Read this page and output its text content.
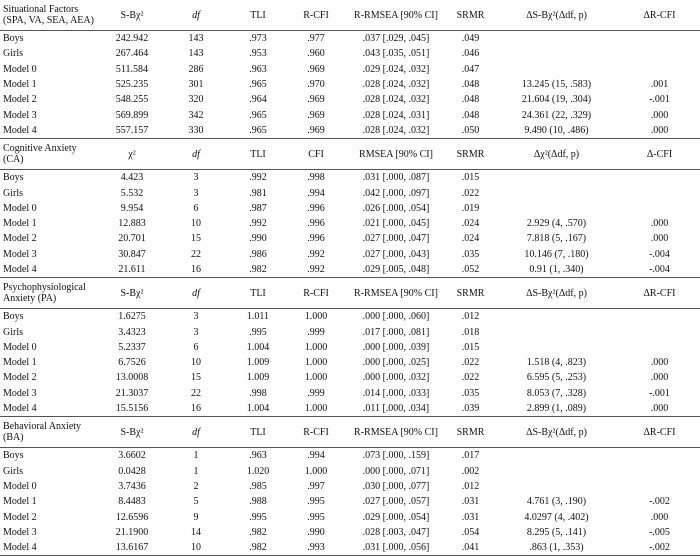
Situational Factors (SPA, VA, SEA, AEA)	S-Bχ²	df	TLI	R-CFI	R-RMSEA [90% CI]	SRMR	ΔS-Bχ²(Δdf, p)	ΔR-CFI
Boys	242.942	143	.973	.977	.037 [.029, .045]	.049		
Girls	267.464	143	.953	.960	.043 [.035, .051]	.046		
Model 0	511.584	286	.963	.969	.029 [.024, .032]	.047		
Model 1	525.235	301	.965	.970	.028 [.024, .032]	.048	13.245 (15, .583)	.001
Model 2	548.255	320	.964	.969	.028 [.024, .032]	.048	21.604 (19, .304)	-.001
Model 3	569.899	342	.965	.969	.028 [.024, .031]	.048	24.361 (22, .329)	.000
Model 4	557.157	330	.965	.969	.028 [.024, .032]	.050	9.490 (10, .486)	.000
Cognitive Anxiety (CA)	χ²	df	TLI	CFI	RMSEA [90% CI]	SRMR	Δχ²(Δdf, p)	Δ-CFI
Boys	4.423	3	.992	.998	.031 [.000, .087]	.015		
Girls	5.532	3	.981	.994	.042 [.000, .097]	.022		
Model 0	9.954	6	.987	.996	.026 [.000, .054]	.019		
Model 1	12.883	10	.992	.996	.021 [.000, .045]	.024	2.929 (4, .570)	.000
Model 2	20.701	15	.990	.996	.027 [.000, .047]	.024	7.818 (5, .167)	.000
Model 3	30.847	22	.986	.992	.027 [.000, .043]	.035	10.146 (7, .180)	-.004
Model 4	21.611	16	.982	.992	.029 [.005, .048]	.052	0.91 (1, .340)	-.004
Psychophysiological Anxiety (PA)	S-Bχ²	df	TLI	R-CFI	R-RMSEA [90% CI]	SRMR	ΔS-Bχ²(Δdf, p)	ΔR-CFI
Boys	1.6275	3	1.011	1.000	.000 [.000, .060]	.012		
Girls	3.4323	3	.995	.999	.017 [.000, .081]	.018		
Model 0	5.2337	6	1.004	1.000	.000 [.000, .039]	.015		
Model 1	6.7526	10	1.009	1.000	.000 [.000, .025]	.022	1.518 (4, .823)	.000
Model 2	13.0008	15	1.009	1.000	.000 [.000, .032]	.022	6.595 (5, .253)	.000
Model 3	21.3037	22	.998	.999	.014 [.000, .033]	.035	8.053 (7, .328)	-.001
Model 4	15.5156	16	1.004	1.000	.011 [.000, .034]	.039	2.899 (1, .089)	.000
Behavioral Anxiety (BA)	S-Bχ²	df	TLI	R-CFI	R-RMSEA [90% CI]	SRMR	ΔS-Bχ²(Δdf, p)	ΔR-CFI
Boys	3.6602	1	.963	.994	.073 [.000, .159]	.017		
Girls	0.0428	1	1.020	1.000	.000 [.000, .071]	.002		
Model 0	3.7436	2	.985	.997	.030 [.000, .077]	.012		
Model 1	8.4483	5	.988	.995	.027 [.000, .057]	.031	4.761 (3, .190)	-.002
Model 2	12.6596	9	.995	.995	.029 [.000, .054]	.031	4.0297 (4, .402)	.000
Model 3	21.1900	14	.982	.990	.028 [.003, .047]	.054	8.295 (5, .141)	-.005
Model 4	13.6167	10	.982	.993	.031 [.000, .056]	.041	.863 (1, .353)	-.002
